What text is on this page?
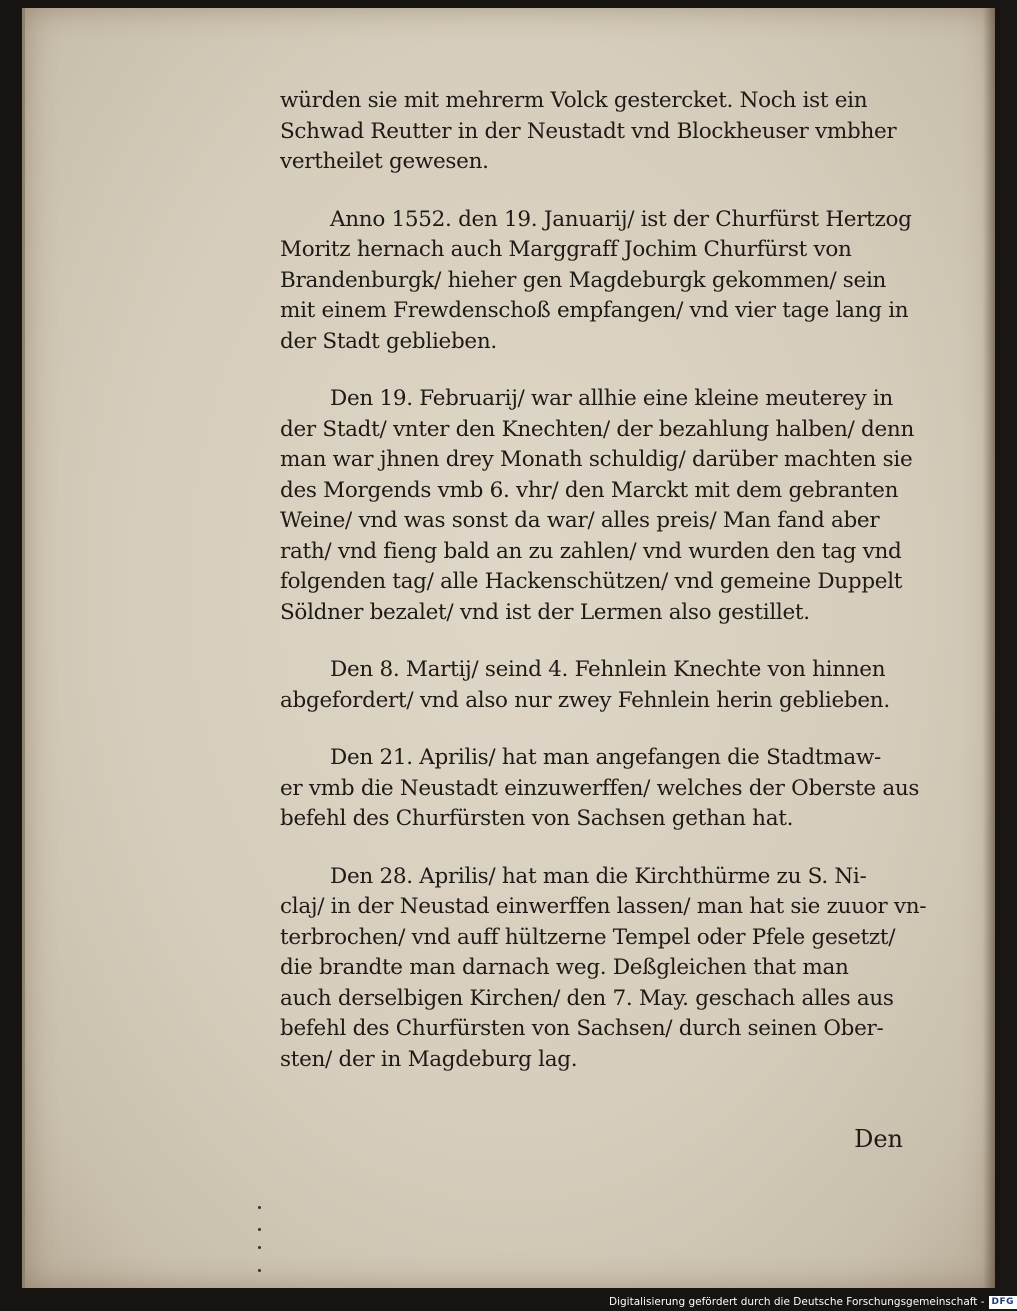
würden sie mit mehrerm Volck gestercket. Noch ist ein
Schwad Reutter in der Neustadt vnd Blockheuser vmbher
vertheilet gewesen.

Anno 1552. den 19. Januarij/ ist der Churfürst Hertzog
Moritz hernach auch Marggraff Jochim Churfürst von
Brandenburgk/ hieher gen Magdeburgk gekommen/ sein
mit einem Frewdenschoß empfangen/ vnd vier tage lang in
der Stadt geblieben.

Den 19. Februarij/ war allhie eine kleine meuterey in
der Stadt/ vnter den Knechten/ der bezahlung halben/ denn
man war jhnen drey Monath schuldig/ darüber machten sie
des Morgends vmb 6. vhr/ den Marckt mit dem gebranten
Weine/ vnd was sonst da war/ alles preis/ Man fand aber
rath/ vnd fieng bald an zu zahlen/ vnd wurden den tag vnd
folgenden tag/ alle Hackenschützen/ vnd gemeine Duppelt
Söldner bezalet/ vnd ist der Lermen also gestillet.

Den 8. Martij/ seind 4. Fehnlein Knechte von hinnen
abgefordert/ vnd also nur zwey Fehnlein herin geblieben.

Den 21. Aprilis/ hat man angefangen die Stadtmaw-
er vmb die Neustadt einzuwerffen/ welches der Oberste aus
befehl des Churfürsten von Sachsen gethan hat.

Den 28. Aprilis/ hat man die Kirchthürme zu S. Ni-
claj/ in der Neustad einwerffen lassen/ man hat sie zuuor vn-
terbrochen/ vnd auff hültzerne Tempel oder Pfele gesetzt/
die brandte man darnach weg. Deßgleichen that man
auch derselbigen Kirchen/ den 7. May. geschach alles aus
befehl des Churfürsten von Sachsen/ durch seinen Ober-
sten/ der in Magdeburg lag.

Den
Digitalisierung gefördert durch die Deutsche Forschungsgemeinschaft - DFG
